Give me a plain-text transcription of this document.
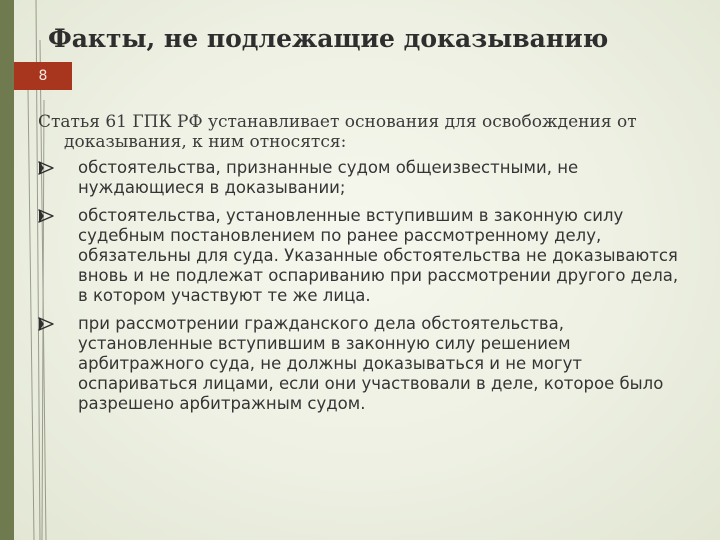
8
Факты, не подлежащие доказыванию

Статья 61 ГПК РФ устанавливает основания для освобождения от
доказывания, к ним относятся:

обстоятельства, признанные судом общеизвестными, не нуждающиеся в доказывании;
обстоятельства, установленные вступившим в законную силу судебным постановлением по ранее рассмотренному делу, обязательны для суда. Указанные обстоятельства не доказываются вновь и не подлежат оспариванию при рассмотрении другого дела, в котором участвуют те же лица.
при рассмотрении гражданского дела обстоятельства, установленные вступившим в законную силу решением арбитражного суда, не должны доказываться и не могут оспариваться лицами, если они участвовали в деле, которое было разрешено арбитражным судом.
